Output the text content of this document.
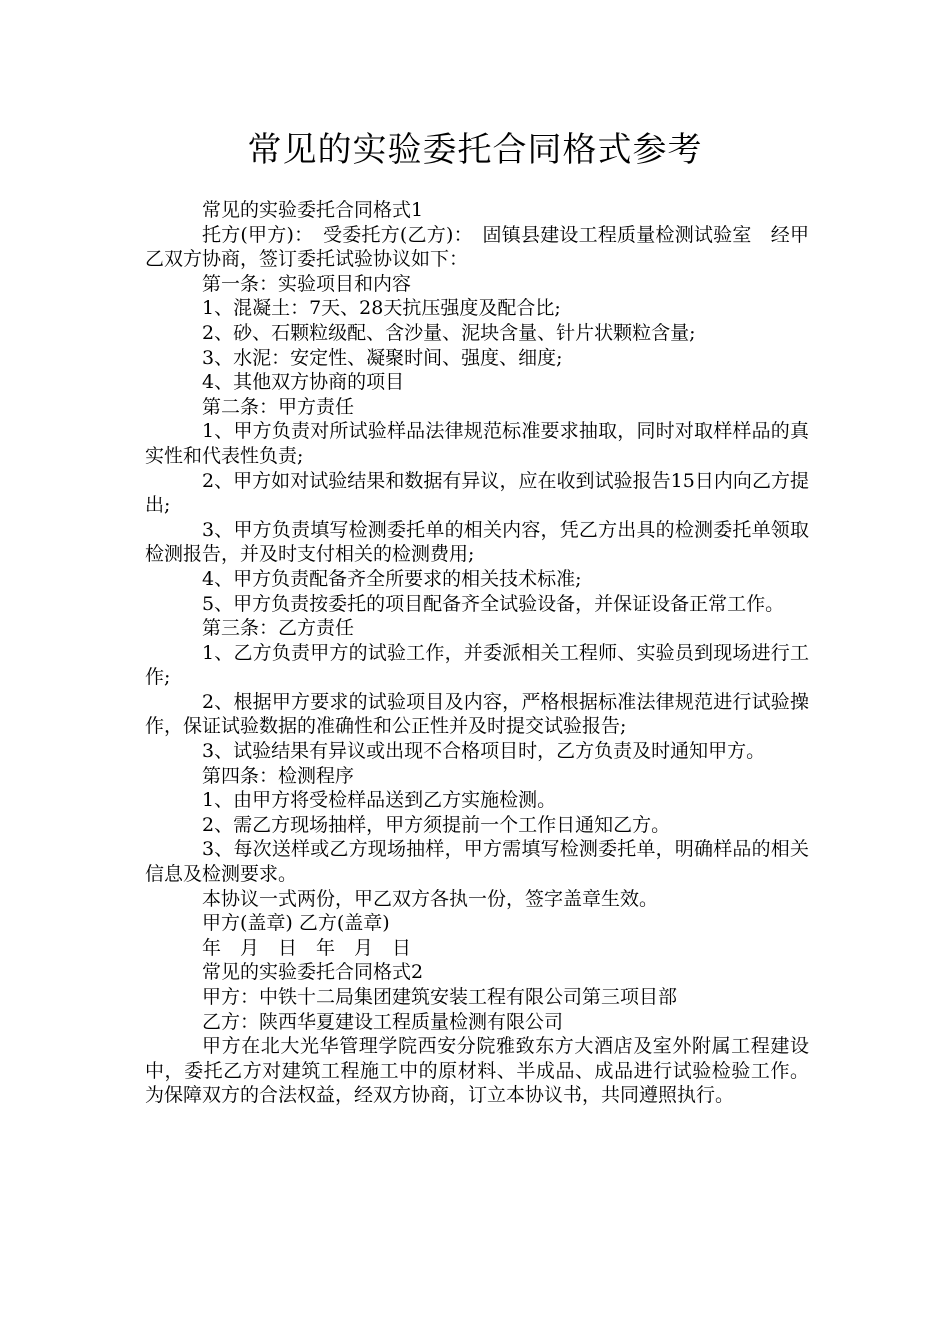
常见的实验委托合同格式参考

常见的实验委托合同格式1

托方(甲方)：　受委托方(乙方)：　固镇县建设工程质量检测试验室　经甲乙双方协商，签订委托试验协议如下：

第一条：实验项目和内容

1、混凝土：7天、28天抗压强度及配合比;

2、砂、石颗粒级配、含沙量、泥块含量、针片状颗粒含量;

3、水泥：安定性、凝聚时间、强度、细度;

4、其他双方协商的项目

第二条：甲方责任

1、甲方负责对所试验样品法律规范标准要求抽取，同时对取样样品的真实性和代表性负责;

2、甲方如对试验结果和数据有异议，应在收到试验报告15日内向乙方提出;

3、甲方负责填写检测委托单的相关内容，凭乙方出具的检测委托单领取检测报告，并及时支付相关的检测费用;

4、甲方负责配备齐全所要求的相关技术标准;

5、甲方负责按委托的项目配备齐全试验设备，并保证设备正常工作。

第三条：乙方责任

1、乙方负责甲方的试验工作，并委派相关工程师、实验员到现场进行工作;

2、根据甲方要求的试验项目及内容，严格根据标准法律规范进行试验操作，保证试验数据的准确性和公正性并及时提交试验报告;

3、试验结果有异议或出现不合格项目时，乙方负责及时通知甲方。

第四条：检测程序

1、由甲方将受检样品送到乙方实施检测。

2、需乙方现场抽样，甲方须提前一个工作日通知乙方。

3、每次送样或乙方现场抽样，甲方需填写检测委托单，明确样品的相关信息及检测要求。

本协议一式两份，甲乙双方各执一份，签字盖章生效。

甲方(盖章) 乙方(盖章)

年　月　日　年　月　日

常见的实验委托合同格式2

甲方：中铁十二局集团建筑安装工程有限公司第三项目部

乙方：陕西华夏建设工程质量检测有限公司

甲方在北大光华管理学院西安分院雅致东方大酒店及室外附属工程建设中，委托乙方对建筑工程施工中的原材料、半成品、成品进行试验检验工作。为保障双方的合法权益，经双方协商，订立本协议书，共同遵照执行。
